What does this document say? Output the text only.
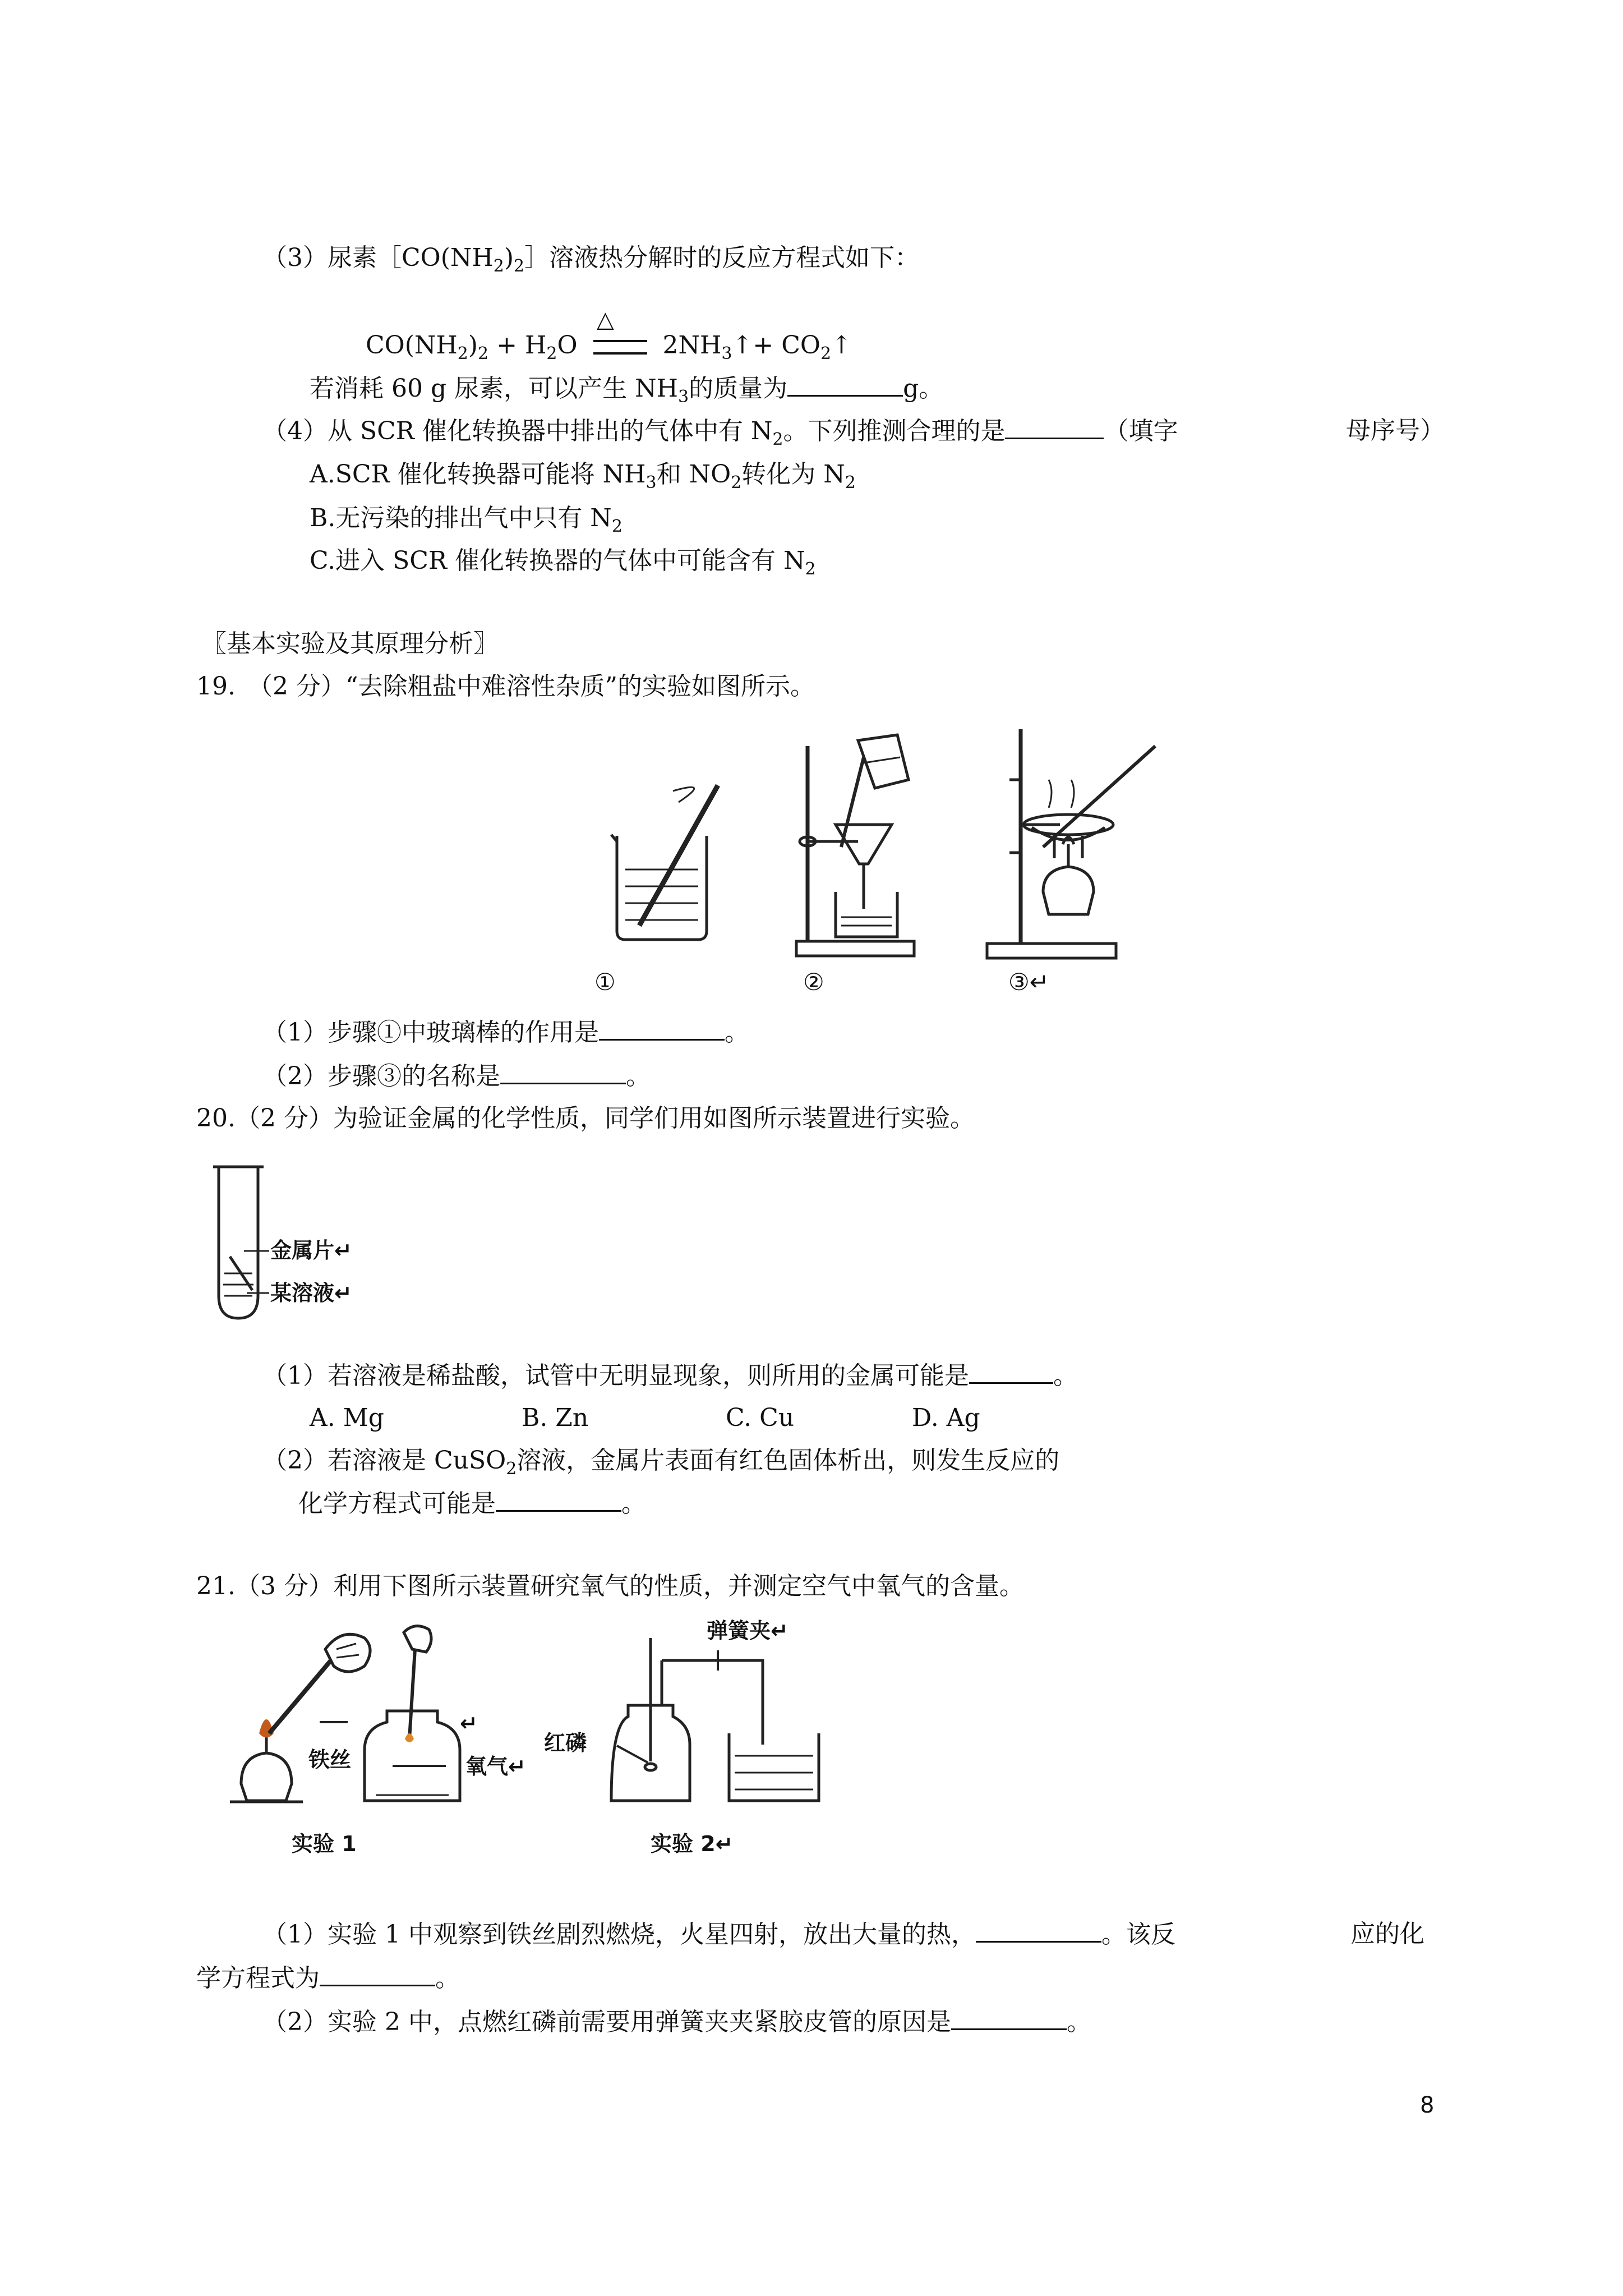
（3）尿素$[CO(NH_2)_2]$溶液热分解时的反应方程式如下：
△
$CO(NH_2)_2 + H_2O$	$2NH_3↑+$ $CO_2↑$
若消耗 60 g 尿素，可以产生 $NH_3$的质量为	g。
（4）从 SCR 催化转换器中排出的气体中有 $N_2$。下列推测合理的是	（填字	母序号）
A.SCR 催化转换器可能将 $NH_3$和 $NO_2$转化为 $N_2$
B.无污染的排出气中只有 $N_2$
C.进入 SCR 催化转换器的气体中可能含有 $N_2$
〖基本实验及其原理分析〗
19.　（2 分）“去除粗盐中难溶性杂质”的实验如图所示。
①	②	③↵
（1）步骤①中玻璃棒的作用是	。
（2）步骤③的名称是	。
20.（2 分）为验证金属的化学性质，同学们用如图所示装置进行实验。
金属片↵
某溶液↵
（1）若溶液是稀盐酸，试管中无明显现象，则所用的金属可能是	。
A. Mg	B. Zn	C. Cu	D. Ag
（2）若溶液是 CuSO$_2$溶液，金属片表面有红色固体析出，则发生反应的
化学方程式可能是	。
21.（3 分）利用下图所示装置研究氧气的性质，并测定空气中氧气的含量。
铁丝	氧气↵
↵
实验 1
弹簧夹↵
红磷
实验 2↵
（1）实验 1 中观察到铁丝剧烈燃烧，火星四射，放出大量的热，	。该反	应的化
学方程式为	。
（2）实验 2 中，点燃红磷前需要用弹簧夹夹紧胶皮管的原因是	。
8
